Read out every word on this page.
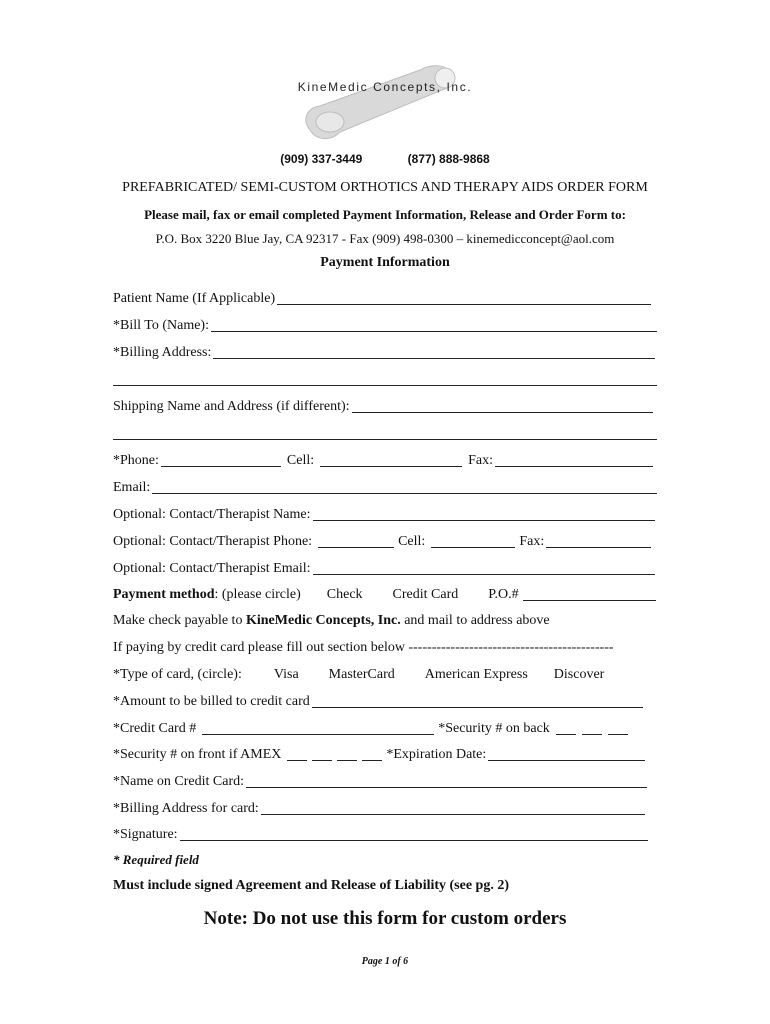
KineMedic Concepts, Inc.
(909) 337-3449	(877) 888-9868
PREFABRICATED/ SEMI-CUSTOM ORTHOTICS AND THERAPY AIDS ORDER FORM
Please mail, fax or email completed Payment Information, Release and Order Form to:
P.O. Box 3220 Blue Jay, CA 92317 - Fax (909) 498-0300 – kinemedicconcept@aol.com
Payment Information
Patient Name (If Applicable)
*Bill To (Name):
*Billing Address:
Shipping Name and Address (if different):
*Phone:	Cell:	Fax:
Email:
Optional: Contact/Therapist Name:
Optional: Contact/Therapist Phone:	Cell:	Fax:
Optional: Contact/Therapist Email:
Payment method : (please circle) Check Credit Card P.O.#
Make check payable to KineMedic Concepts, Inc. and mail to address above
If paying by credit card please fill out section below --------------------------------------------
*Type of card, (circle): Visa MasterCard American Express Discover
*Amount to be billed to credit card
*Credit Card #	*Security # on back
*Security # on front if AMEX	*Expiration Date:
*Name on Credit Card:
*Billing Address for card:
*Signature:
* Required field
Must include signed Agreement and Release of Liability (see pg. 2)
Note: Do not use this form for custom orders
Page 1 of 6
